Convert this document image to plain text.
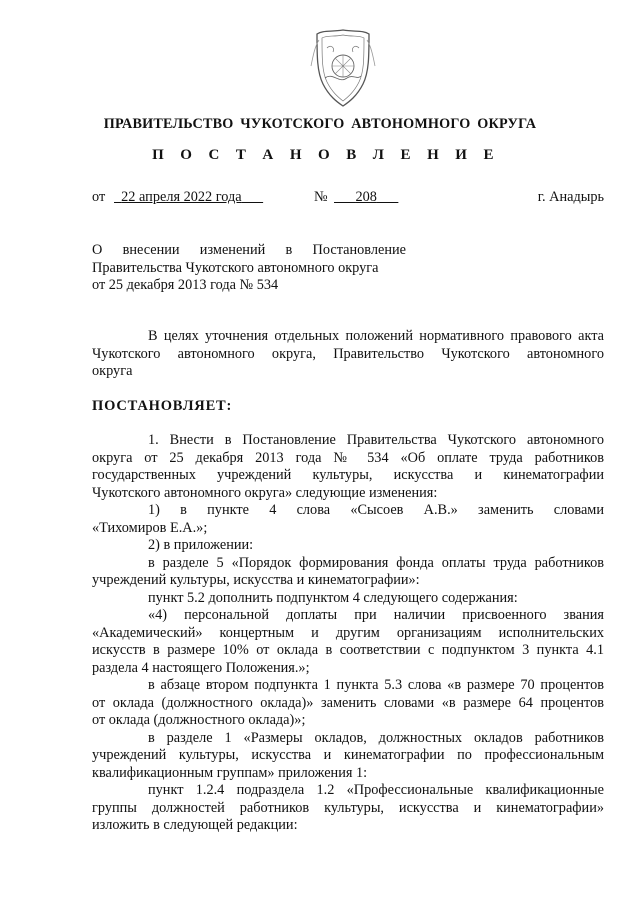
ПРАВИТЕЛЬСТВО ЧУКОТСКОГО АВТОНОМНОГО ОКРУГА

П О С Т А Н О В Л Е Н И Е

от	22 апреля 2022 года	№	208	г. Анадырь
О внесении изменений в Постановление
Правительства Чукотского автономного округа
от 25 декабря 2013 года № 534

В целях уточнения отдельных положений нормативного правового акта

Чукотского автономного округа, Правительство Чукотского автономного

округа

ПОСТАНОВЛЯЕТ:

1. Внести в Постановление Правительства Чукотского автономного

округа от 25 декабря 2013 года № 534 «Об оплате труда работников

государственных учреждений культуры, искусства и кинематографии

Чукотского автономного округа» следующие изменения:

1) в пункте 4 слова «Сысоев А.В.» заменить словами

«Тихомиров Е.А.»;

2) в приложении:

в разделе 5 «Порядок формирования фонда оплаты труда работников

учреждений культуры, искусства и кинематографии»:

пункт 5.2 дополнить подпунктом 4 следующего содержания:

«4) персональной доплаты при наличии присвоенного звания

«Академический» концертным и другим организациям исполнительских

искусств в размере 10% от оклада в соответствии с подпунктом 3 пункта 4.1

раздела 4 настоящего Положения.»;

в абзаце втором подпункта 1 пункта 5.3 слова «в размере 70 процентов

от оклада (должностного оклада)» заменить словами «в размере 64 процентов

от оклада (должностного оклада)»;

в разделе 1 «Размеры окладов, должностных окладов работников

учреждений культуры, искусства и кинематографии по профессиональным

квалификационным группам» приложения 1:

пункт 1.2.4 подраздела 1.2 «Профессиональные квалификационные

группы должностей работников культуры, искусства и кинематографии»

изложить в следующей редакции:
